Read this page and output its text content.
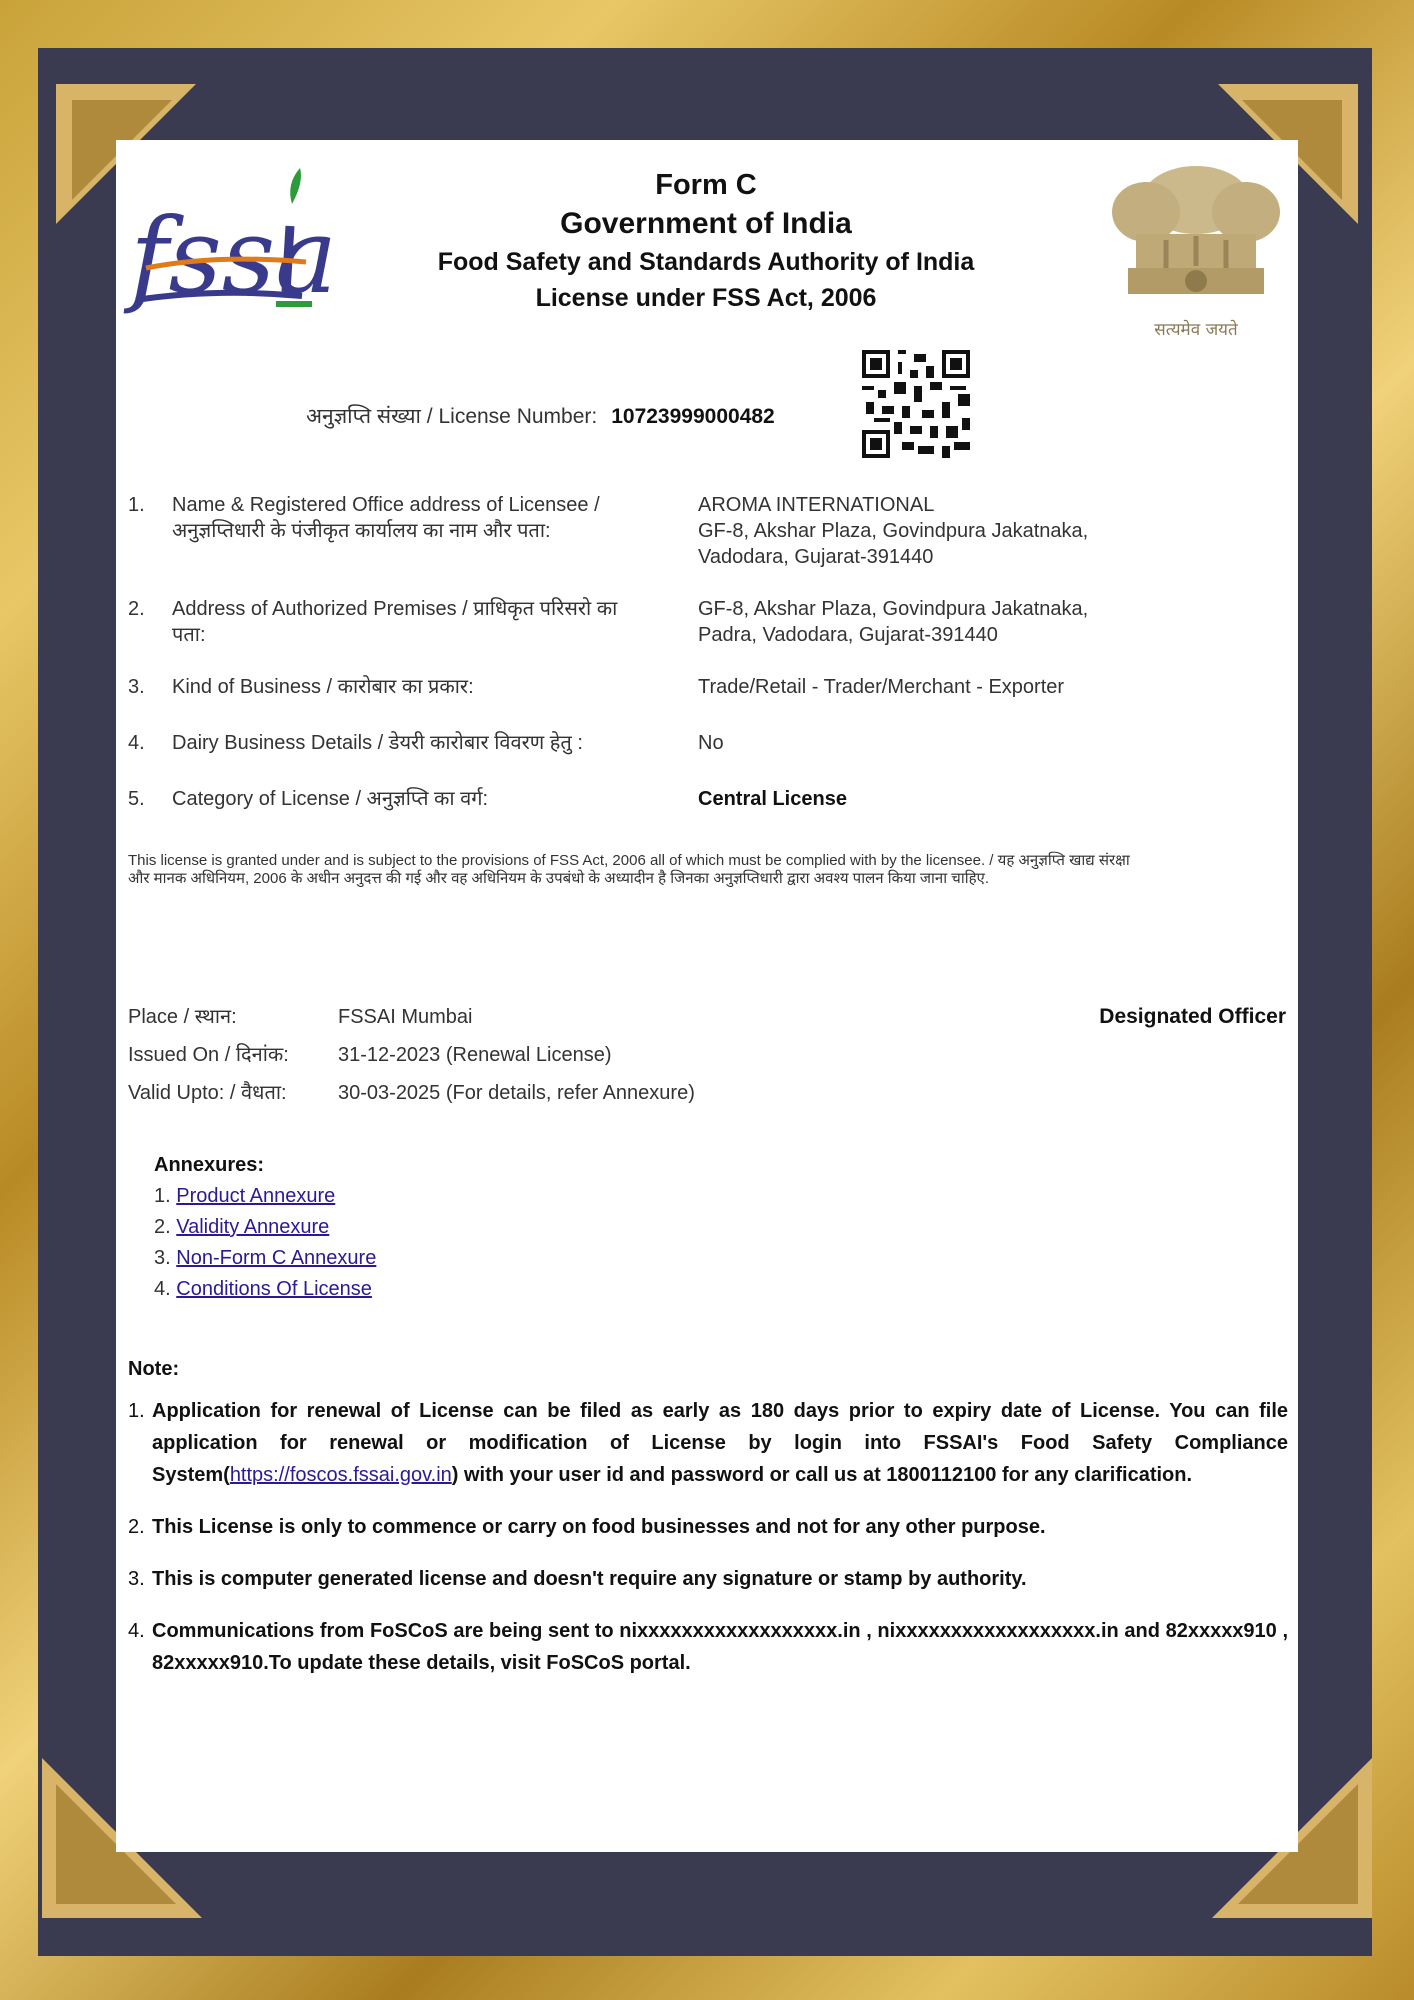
fssa
Form C
Government of India
Food Safety and Standards Authority of India
License under FSS Act, 2006
सत्यमेव जयते
अनुज्ञप्ति संख्या / License Number: 10723999000482
1.	Name & Registered Office address of Licensee / अनुज्ञप्तिधारी के पंजीकृत कार्यालय का नाम और पता:
AROMA INTERNATIONAL
GF-8, Akshar Plaza, Govindpura Jakatnaka,
Vadodara, Gujarat-391440
2.	Address of Authorized Premises / प्राधिकृत परिसरो का पता:
GF-8, Akshar Plaza, Govindpura Jakatnaka,
Padra, Vadodara, Gujarat-391440
3.	Kind of Business / कारोबार का प्रकार:	Trade/Retail - Trader/Merchant - Exporter
4.	Dairy Business Details / डेयरी कारोबार विवरण हेतु :	No
5.	Category of License / अनुज्ञप्ति का वर्ग:	Central License
This license is granted under and is subject to the provisions of FSS Act, 2006 all of which must be complied with by the licensee. / यह अनुज्ञप्ति खाद्य संरक्षा और मानक अधिनियम, 2006 के अधीन अनुदत्त की गई और वह अधिनियम के उपबंधो के अध्यादीन है जिनका अनुज्ञप्तिधारी द्वारा अवश्य पालन किया जाना चाहिए.
Place / स्थान:	FSSAI Mumbai
Issued On / दिनांक: 31-12-2023 (Renewal License)
Valid Upto: / वैधता:	30-03-2025 (For details, refer Annexure)
Designated Officer
Annexures:
1. Product Annexure
2. Validity Annexure
3. Non-Form C Annexure
4. Conditions Of License
Note:
1. Application for renewal of License can be filed as early as 180 days prior to expiry date of License. You can file application for renewal or modification of License by login into FSSAI's Food Safety Compliance System(https://foscos.fssai.gov.in) with your user id and password or call us at 1800112100 for any clarification.
2. This License is only to commence or carry on food businesses and not for any other purpose.
3. This is computer generated license and doesn't require any signature or stamp by authority.
4. Communications from FoSCoS are being sent to nixxxxxxxxxxxxxxxxxx.in , nixxxxxxxxxxxxxxxxxx.in and 82xxxxx910 , 82xxxxx910.To update these details, visit FoSCoS portal.
